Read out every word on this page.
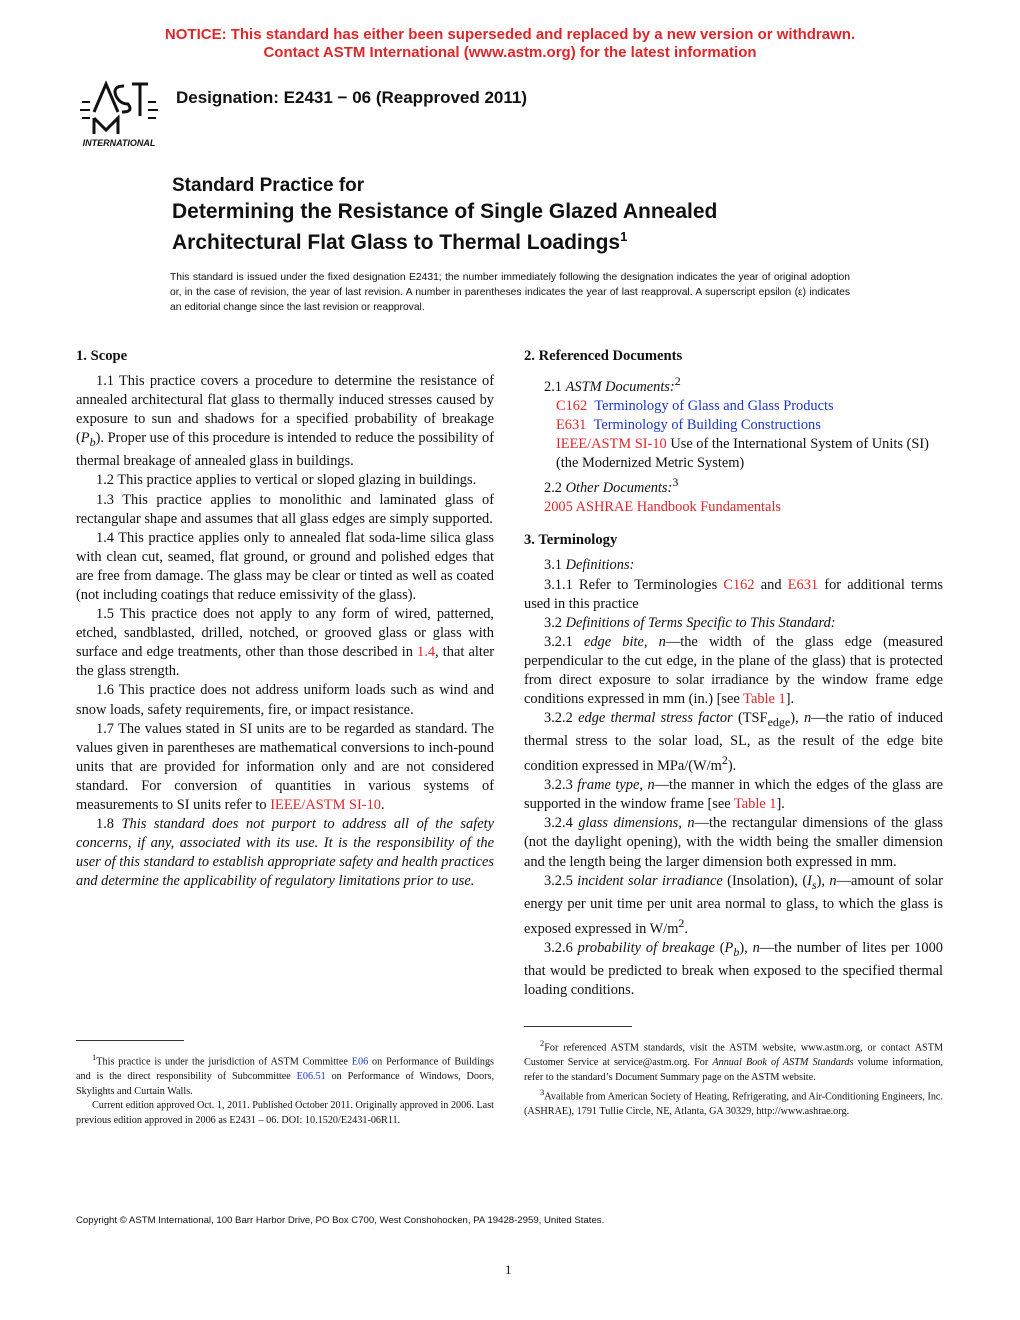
NOTICE: This standard has either been superseded and replaced by a new version or withdrawn.
Contact ASTM International (www.astm.org) for the latest information
INTERNATIONAL
Designation: E2431 − 06 (Reapproved 2011)
Standard Practice for
Determining the Resistance of Single Glazed Annealed
Architectural Flat Glass to Thermal Loadings$^1$
This standard is issued under the fixed designation E2431; the number immediately following the designation indicates the year of original adoption or, in the case of revision, the year of last revision. A number in parentheses indicates the year of last reapproval. A superscript epsilon (ε) indicates an editorial change since the last revision or reapproval.
1. Scope

1.1 This practice covers a procedure to determine the resistance of annealed architectural flat glass to thermally induced stresses caused by exposure to sun and shadows for a specified probability of breakage $(P_b)$. Proper use of this procedure is intended to reduce the possibility of thermal breakage of annealed glass in buildings.

1.2 This practice applies to vertical or sloped glazing in buildings.

1.3 This practice applies to monolithic and laminated glass of rectangular shape and assumes that all glass edges are simply supported.

1.4 This practice applies only to annealed flat soda-lime silica glass with clean cut, seamed, flat ground, or ground and polished edges that are free from damage. The glass may be clear or tinted as well as coated (not including coatings that reduce emissivity of the glass).

1.5 This practice does not apply to any form of wired, patterned, etched, sandblasted, drilled, notched, or grooved glass or glass with surface and edge treatments, other than those described in 1.4, that alter the glass strength.

1.6 This practice does not address uniform loads such as wind and snow loads, safety requirements, fire, or impact resistance.

1.7 The values stated in SI units are to be regarded as standard. The values given in parentheses are mathematical conversions to inch-pound units that are provided for information only and are not considered standard. For conversion of quantities in various systems of measurements to SI units refer to IEEE/ASTM SI-10.

1.8 This standard does not purport to address all of the safety concerns, if any, associated with its use. It is the responsibility of the user of this standard to establish appropriate safety and health practices and determine the applicability of regulatory limitations prior to use.

2. Referenced Documents

2.1 ASTM Documents:$^2$

C162 Terminology of Glass and Glass Products

E631 Terminology of Building Constructions

IEEE/ASTM SI-10 Use of the International System of Units (SI) (the Modernized Metric System)

2.2 Other Documents:$^3$

2005 ASHRAE Handbook Fundamentals

3. Terminology

3.1 Definitions:

3.1.1 Refer to Terminologies C162 and E631 for additional terms used in this practice

3.2 Definitions of Terms Specific to This Standard:

3.2.1 edge bite, n—the width of the glass edge (measured perpendicular to the cut edge, in the plane of the glass) that is protected from direct exposure to solar irradiance by the window frame edge conditions expressed in mm (in.) [see Table 1].

3.2.2 edge thermal stress factor $(TSF_{edge})$, n—the ratio of induced thermal stress to the solar load, SL, as the result of the edge bite condition expressed in MPa/$(W/m^2)$.

3.2.3 frame type, n—the manner in which the edges of the glass are supported in the window frame [see Table 1].

3.2.4 glass dimensions, n—the rectangular dimensions of the glass (not the daylight opening), with the width being the smaller dimension and the length being the larger dimension both expressed in mm.

3.2.5 incident solar irradiance (Insolation), $(I_s)$, n—amount of solar energy per unit time per unit area normal to glass, to which the glass is exposed expressed in $W/m^2$.

3.2.6 probability of breakage $(P_b)$, n—the number of lites per 1000 that would be predicted to break when exposed to the specified thermal loading conditions.

$^1$This practice is under the jurisdiction of ASTM Committee E06 on Performance of Buildings and is the direct responsibility of Subcommittee E06.51 on Performance of Windows, Doors, Skylights and Curtain Walls.

Current edition approved Oct. 1, 2011. Published October 2011. Originally approved in 2006. Last previous edition approved in 2006 as E2431 – 06. DOI: 10.1520/E2431-06R11.

$^2$For referenced ASTM standards, visit the ASTM website, www.astm.org, or contact ASTM Customer Service at service@astm.org. For Annual Book of ASTM Standards volume information, refer to the standard’s Document Summary page on the ASTM website.

$^3$Available from American Society of Heating, Refrigerating, and Air-Conditioning Engineers, Inc. (ASHRAE), 1791 Tullie Circle, NE, Atlanta, GA 30329, http://www.ashrae.org.

Copyright © ASTM International, 100 Barr Harbor Drive, PO Box C700, West Conshohocken, PA 19428-2959, United States.
1
